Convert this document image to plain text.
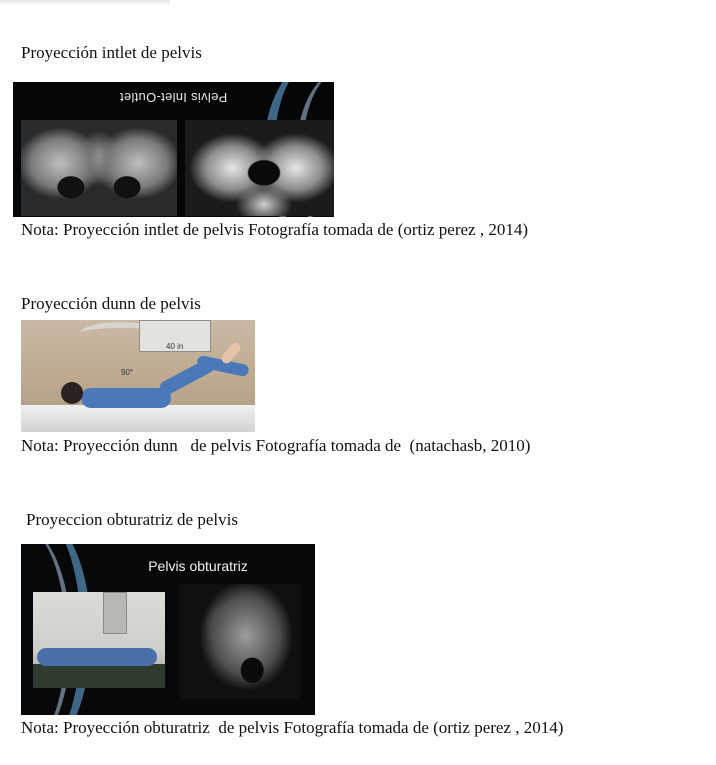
Proyección intlet de pelvis
Pelvis Inlet-Outlet
Nota: Proyección intlet de pelvis Fotografía tomada de (ortiz perez , 2014)
Proyección dunn de pelvis
40 in
90°
Nota: Proyección dunn   de pelvis Fotografía tomada de  (natachasb, 2010)
Proyeccion obturatriz de pelvis
Pelvis obturatriz
Nota: Proyección obturatriz  de pelvis Fotografía tomada de (ortiz perez , 2014)
